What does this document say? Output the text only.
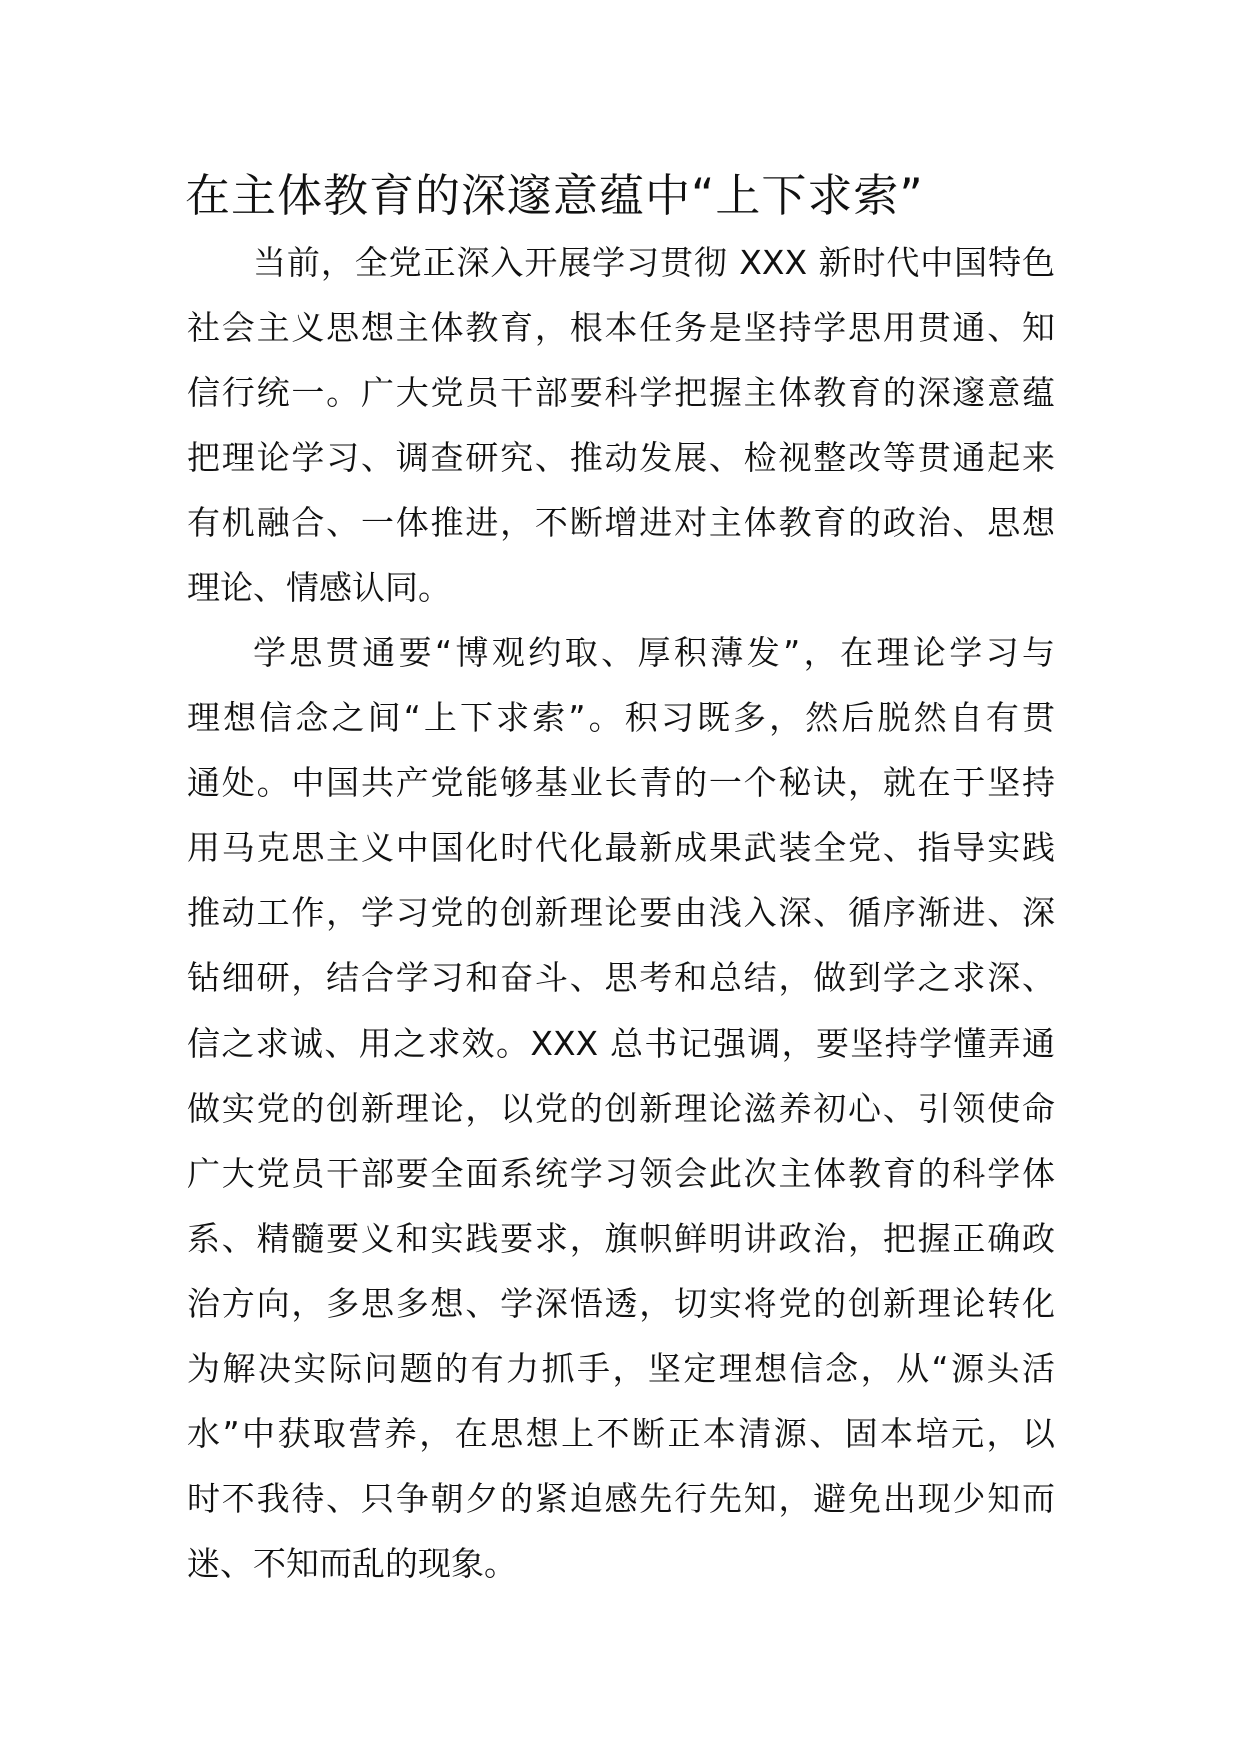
在主体教育的深邃意蕴中“上下求索”
当前，全党正深入开展学习贯彻 XXX 新时代中国特色
社会主义思想主体教育，根本任务是坚持学思用贯通、知
信行统一。广大党员干部要科学把握主体教育的深邃意蕴
把理论学习、调查研究、推动发展、检视整改等贯通起来
有机融合、一体推进，不断增进对主体教育的政治、思想
理论、情感认同。
学思贯通要“博观约取、厚积薄发”，在理论学习与
理想信念之间“上下求索”。积习既多，然后脱然自有贯
通处。中国共产党能够基业长青的一个秘诀，就在于坚持
用马克思主义中国化时代化最新成果武装全党、指导实践
推动工作，学习党的创新理论要由浅入深、循序渐进、深
钻细研，结合学习和奋斗、思考和总结，做到学之求深、
信之求诚、用之求效。XXX 总书记强调，要坚持学懂弄通
做实党的创新理论，以党的创新理论滋养初心、引领使命
广大党员干部要全面系统学习领会此次主体教育的科学体
系、精髓要义和实践要求，旗帜鲜明讲政治，把握正确政
治方向，多思多想、学深悟透，切实将党的创新理论转化
为解决实际问题的有力抓手，坚定理想信念，从“源头活
水”中获取营养，在思想上不断正本清源、固本培元，以
时不我待、只争朝夕的紧迫感先行先知，避免出现少知而
迷、不知而乱的现象。
